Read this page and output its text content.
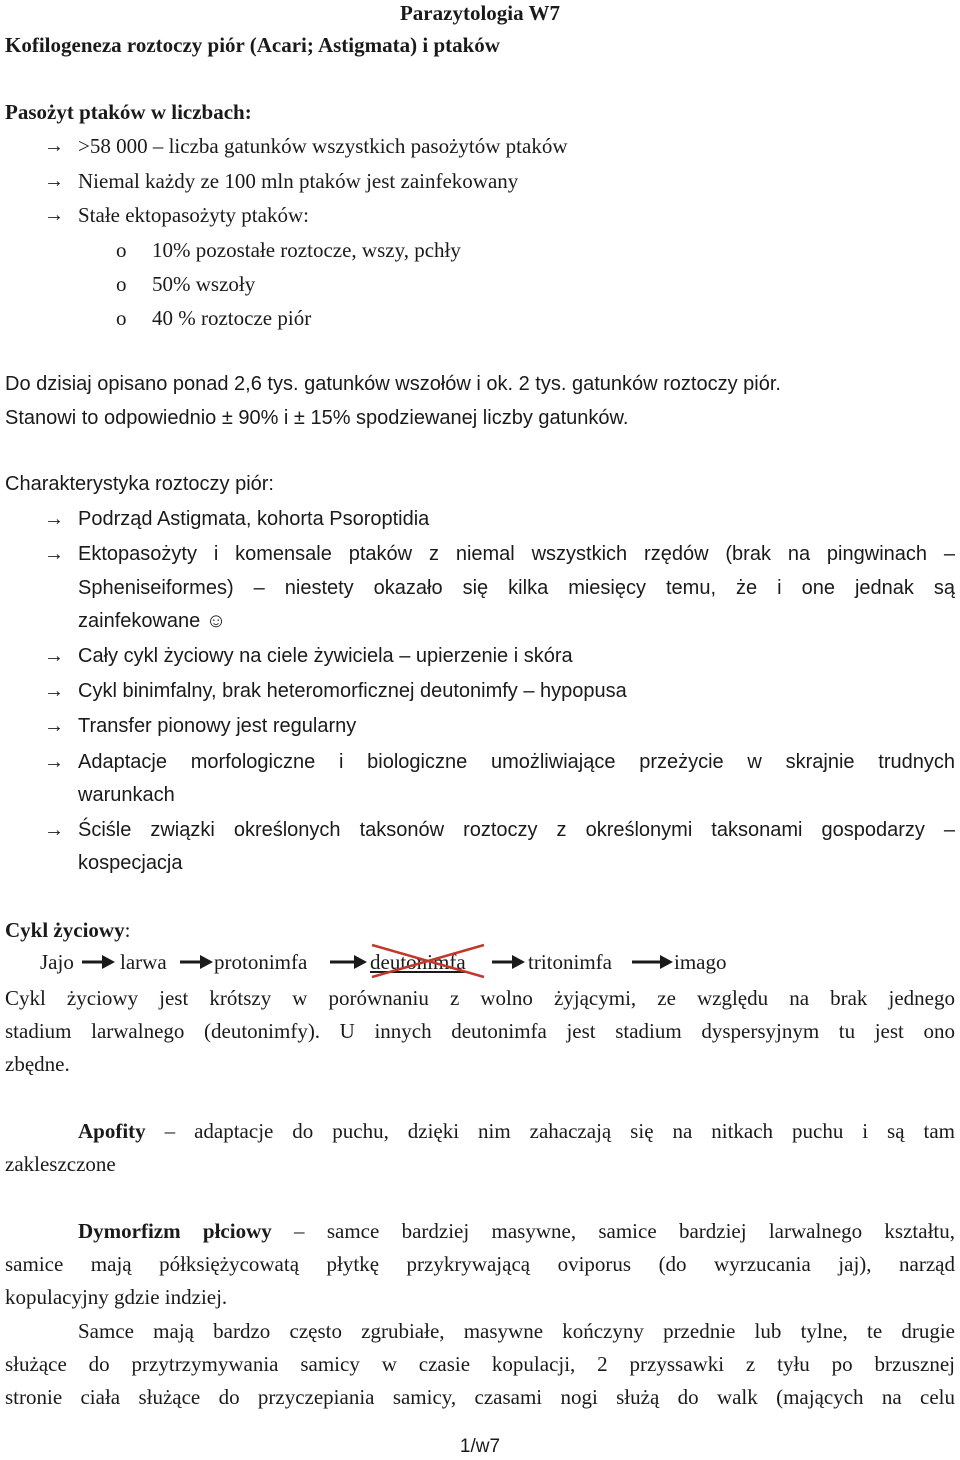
Parazytologia W7
Kofilogeneza roztoczy piór (Acari; Astigmata) i ptaków
Pasożyt ptaków w liczbach:
→ >58 000 – liczba gatunków wszystkich pasożytów ptaków
→ Niemal każdy ze 100 mln ptaków jest zainfekowany
→ Stałe ektopasożyty ptaków:
o 10% pozostałe roztocze, wszy, pchły
o 50% wszoły
o 40 % roztocze piór
Do dzisiaj opisano ponad 2,6 tys. gatunków wszołów i ok. 2 tys. gatunków roztoczy piór.
Stanowi to odpowiednio ± 90% i ± 15% spodziewanej liczby gatunków.
Charakterystyka roztoczy piór:
→ Podrząd Astigmata, kohorta Psoroptidia
→ Ektopasożyty i komensale ptaków z niemal wszystkich rzędów (brak na pingwinach –
Spheniseiformes) – niestety okazało się kilka miesięcy temu, że i one jednak są
zainfekowane ☺
→ Cały cykl życiowy na ciele żywiciela – upierzenie i skóra
→ Cykl binimfalny, brak heteromorficznej deutonimfy – hypopusa
→ Transfer pionowy jest regularny
→ Adaptacje morfologiczne i biologiczne umożliwiające przeżycie w skrajnie trudnych
warunkach
→ Ściśle związki określonych taksonów roztoczy z określonymi taksonami gospodarzy –
kospecjacja
Cykl życiowy:
Jajo larwa protonimfa	deutonimfa	tritonimfa	imago
Cykl życiowy jest krótszy w porównaniu z wolno żyjącymi, ze względu na brak jednego
stadium larwalnego (deutonimfy). U innych deutonimfa jest stadium dyspersyjnym tu jest ono
zbędne.
Apofity – adaptacje do puchu, dzięki nim zahaczają się na nitkach puchu i są tam
zakleszczone
Dymorfizm płciowy – samce bardziej masywne, samice bardziej larwalnego kształtu,
samice mają półksiężycowatą płytkę przykrywającą oviporus (do wyrzucania jaj), narząd
kopulacyjny gdzie indziej.
Samce mają bardzo często zgrubiałe, masywne kończyny przednie lub tylne, te drugie
służące do przytrzymywania samicy w czasie kopulacji, 2 przyssawki z tyłu po brzusznej
stronie ciała służące do przyczepiania samicy, czasami nogi służą do walk (mających na celu
1/w7
